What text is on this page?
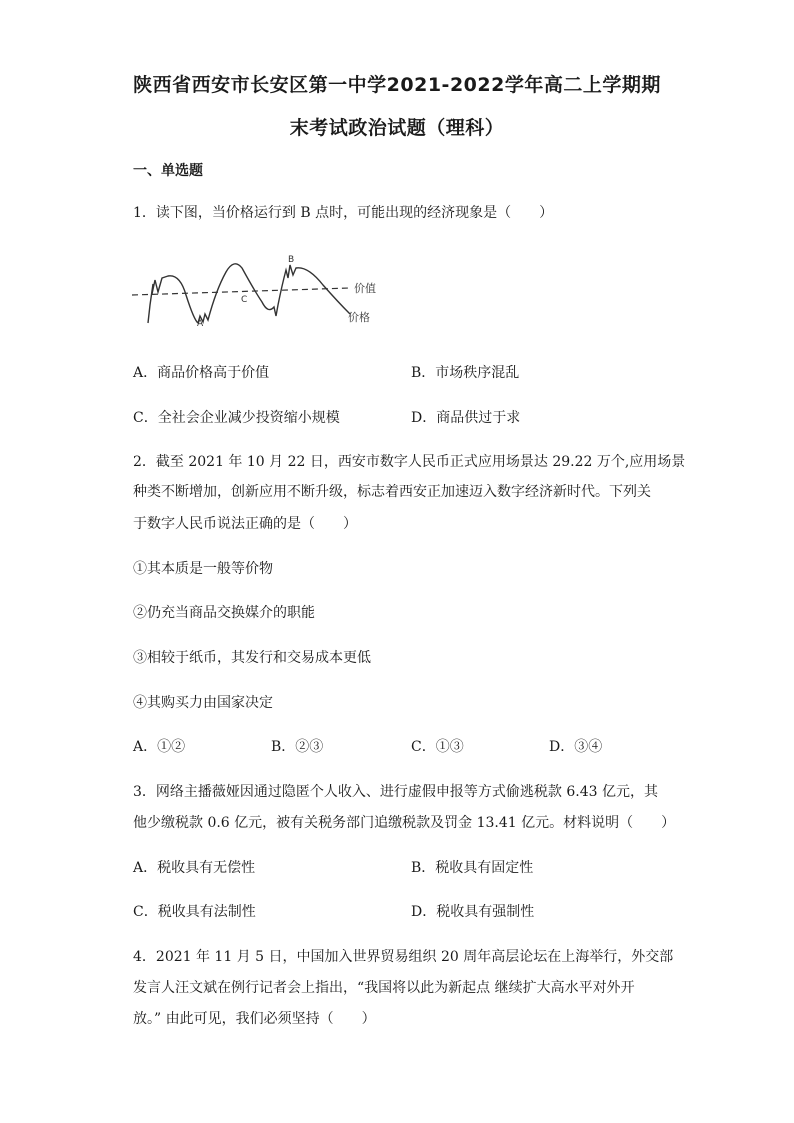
陕西省西安市长安区第一中学2021-2022学年高二上学期期
末考试政治试题（理科）
一、单选题
1．读下图，当价格运行到 B 点时，可能出现的经济现象是（　　）
A
B
C
价值
价格
A．商品价格高于价值	B．市场秩序混乱
C．全社会企业减少投资缩小规模	D．商品供过于求
2．截至 2021 年 10 月 22 日，西安市数字人民币正式应用场景达 29.22 万个,应用场景
种类不断增加，创新应用不断升级，标志着西安正加速迈入数字经济新时代。下列关
于数字人民币说法正确的是（　　）
①其本质是一般等价物
②仍充当商品交换媒介的职能
③相较于纸币，其发行和交易成本更低
④其购买力由国家决定
A．①②	B．②③	C．①③	D．③④
3．网络主播薇娅因通过隐匿个人收入、进行虚假申报等方式偷逃税款 6.43 亿元，其
他少缴税款 0.6 亿元，被有关税务部门追缴税款及罚金 13.41 亿元。材料说明（　　）
A．税收具有无偿性	B．税收具有固定性
C．税收具有法制性	D．税收具有强制性
4．2021 年 11 月 5 日，中国加入世界贸易组织 20 周年高层论坛在上海举行，外交部
发言人汪文斌在例行记者会上指出，“我国将以此为新起点 继续扩大高水平对外开
放。” 由此可见，我们必须坚持（　　）
